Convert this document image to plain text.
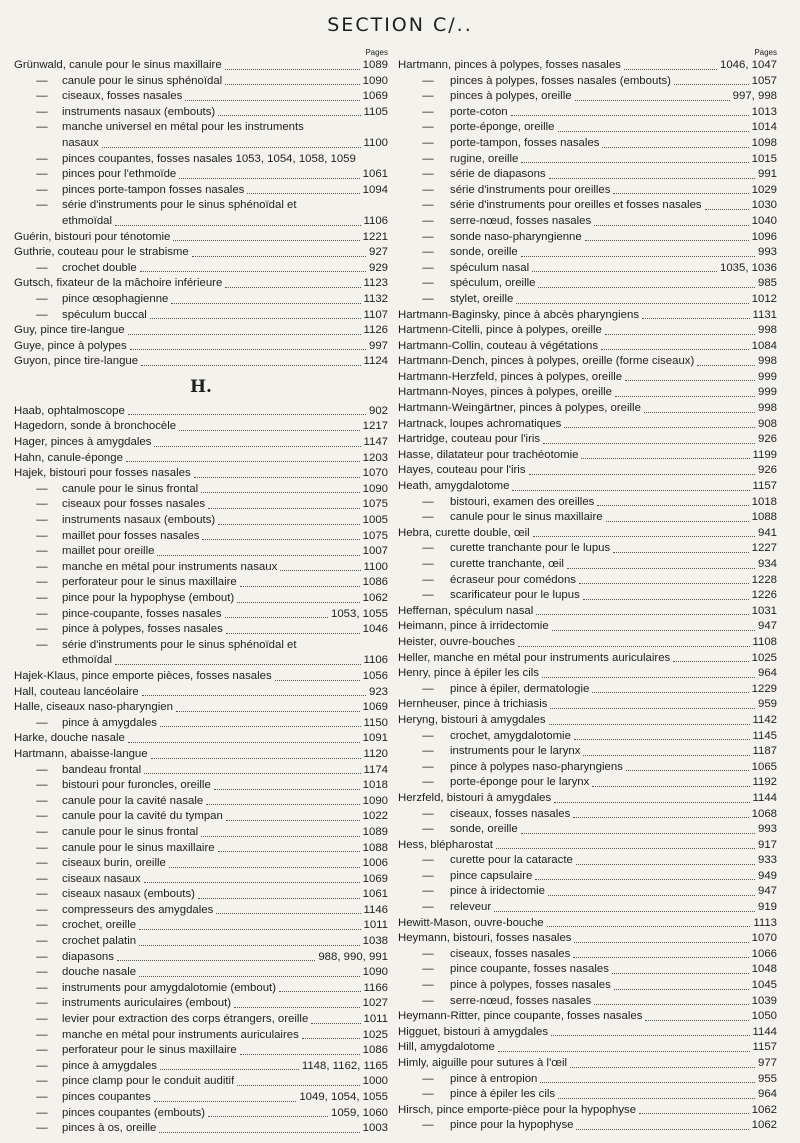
SECTION C/..
Pages
Grünwald, canule pour le sinus maxillaire	1089
—	canule pour le sinus sphénoïdal	1090
—	ciseaux, fosses nasales	1069
—	instruments nasaux (embouts)	1105
—	manche universel en métal pour les instruments
nasaux	1100
—	pinces coupantes, fosses nasales 1053, 1054, 1058, 1059
—	pinces pour l'ethmoïde	1061
—	pinces porte-tampon fosses nasales	1094
—	série d'instruments pour le sinus sphénoïdal et
ethmoïdal	1106
Guérin, bistouri pour ténotomie	1221
Guthrie, couteau pour le strabisme	927
—	crochet double	929
Gutsch, fixateur de la mâchoire inférieure	1123
—	pince œsophagienne	1132
—	spéculum buccal	1107
Guy, pince tire-langue	1126
Guye, pince à polypes	997
Guyon, pince tire-langue	1124
H.
Haab, ophtalmoscope	902
Hagedorn, sonde à bronchocèle	1217
Hager, pinces à amygdales	1147
Hahn, canule-éponge	1203
Hajek, bistouri pour fosses nasales	1070
—	canule pour le sinus frontal	1090
—	ciseaux pour fosses nasales	1075
—	instruments nasaux (embouts)	1005
—	maillet pour fosses nasales	1075
—	maillet pour oreille	1007
—	manche en métal pour instruments nasaux	1100
—	perforateur pour le sinus maxillaire	1086
—	pince pour la hypophyse (embout)	1062
—	pince-coupante, fosses nasales	1053, 1055
—	pince à polypes, fosses nasales	1046
—	série d'instruments pour le sinus sphénoïdal et
ethmoïdal	1106
Hajek-Klaus, pince emporte pièces, fosses nasales	1056
Hall, couteau lancéolaire	923
Halle, ciseaux naso-pharyngien	1069
—	pince à amygdales	1150
Harke, douche nasale	1091
Hartmann, abaisse-langue	1120
—	bandeau frontal	1174
—	bistouri pour furoncles, oreille	1018
—	canule pour la cavité nasale	1090
—	canule pour la cavité du tympan	1022
—	canule pour le sinus frontal	1089
—	canule pour le sinus maxillaire	1088
—	ciseaux burin, oreille	1006
—	ciseaux nasaux	1069
—	ciseaux nasaux (embouts)	1061
—	compresseurs des amygdales	1146
—	crochet, oreille	1011
—	crochet palatin	1038
—	diapasons	988, 990, 991
—	douche nasale	1090
—	instruments pour amygdalotomie (embout)	1166
—	instruments auriculaires (embout)	1027
—	levier pour extraction des corps étrangers, oreille	1011
—	manche en métal pour instruments auriculaires	1025
—	perforateur pour le sinus maxillaire	1086
—	pince à amygdales	1148, 1162, 1165
—	pince clamp pour le conduit auditif	1000
—	pinces coupantes	1049, 1054, 1055
—	pinces coupantes (embouts)	1059, 1060
—	pinces à os, oreille	1003
Pages
Hartmann, pinces à polypes, fosses nasales	1046, 1047
—	pinces à polypes, fosses nasales (embouts)	1057
—	pinces à polypes, oreille	997, 998
—	porte-coton	1013
—	porte-éponge, oreille	1014
—	porte-tampon, fosses nasales	1098
—	rugine, oreille	1015
—	série de diapasons	991
—	série d'instruments pour oreilles	1029
—	série d'instruments pour oreilles et fosses nasales	1030
—	serre-nœud, fosses nasales	1040
—	sonde naso-pharyngienne	1096
—	sonde, oreille	993
—	spéculum nasal	1035, 1036
—	spéculum, oreille	985
—	stylet, oreille	1012
Hartmann-Baginsky, pince à abcès pharyngiens	1131
Hartmenn-Citelli, pince à polypes, oreille	998
Hartmann-Collin, couteau à végétations	1084
Hartmann-Dench, pinces à polypes, oreille (forme ciseaux)	998
Hartmann-Herzfeld, pinces à polypes, oreille	999
Hartmann-Noyes, pinces à polypes, oreille	999
Hartmann-Weingärtner, pinces à polypes, oreille	998
Hartnack, loupes achromatiques	908
Hartridge, couteau pour l'iris	926
Hasse, dilatateur pour trachéotomie	1199
Hayes, couteau pour l'iris	926
Heath, amygdalotome	1157
—	bistouri, examen des oreilles	1018
—	canule pour le sinus maxillaire	1088
Hebra, curette double, œil	941
—	curette tranchante pour le lupus	1227
—	curette tranchante, œil	934
—	écraseur pour comédons	1228
—	scarificateur pour le lupus	1226
Heffernan, spéculum nasal	1031
Heimann, pince à irridectomie	947
Heister, ouvre-bouches	1108
Heller, manche en métal pour instruments auriculaires	1025
Henry, pince à épiler les cils	964
—	pince à épiler, dermatologie	1229
Hernheuser, pince à trichiasis	959
Heryng, bistouri à amygdales	1142
—	crochet, amygdalotomie	1145
—	instruments pour le larynx	1187
—	pince à polypes naso-pharyngiens	1065
—	porte-éponge pour le larynx	1192
Herzfeld, bistouri à amygdales	1144
—	ciseaux, fosses nasales	1068
—	sonde, oreille	993
Hess, blépharostat	917
—	curette pour la cataracte	933
—	pince capsulaire	949
—	pince à iridectomie	947
—	releveur	919
Hewitt-Mason, ouvre-bouche	1113
Heymann, bistouri, fosses nasales	1070
—	ciseaux, fosses nasales	1066
—	pince coupante, fosses nasales	1048
—	pince à polypes, fosses nasales	1045
—	serre-nœud, fosses nasales	1039
Heymann-Ritter, pince coupante, fosses nasales	1050
Higguet, bistouri à amygdales	1144
Hill, amygdalotome	1157
Himly, aiguille pour sutures à l'œil	977
—	pince à entropion	955
—	pince à épiler les cils	964
Hirsch, pince emporte-pièce pour la hypophyse	1062
—	pince pour la hypophyse	1062
